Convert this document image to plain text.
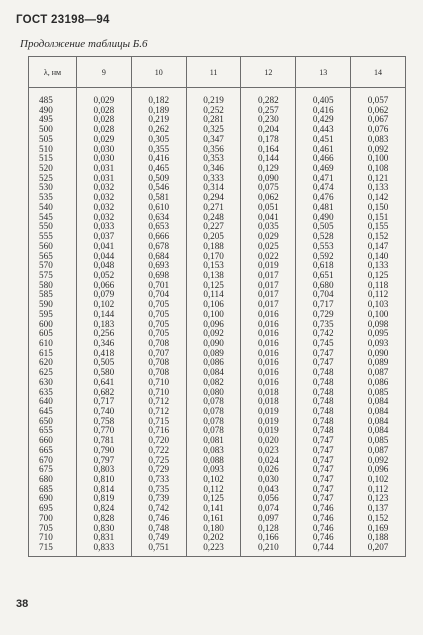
ГОСТ 23198—94
Продолжение таблицы Б.6
λ, нм	9	10	11	12	13	14
485	0,029	0,182	0,219	0,282	0,405	0,057
490	0,028	0,189	0,252	0,257	0,416	0,062
495	0,028	0,219	0,281	0,230	0,429	0,067
500	0,028	0,262	0,325	0,204	0,443	0,076
505	0,029	0,305	0,347	0,178	0,451	0,083
510	0,030	0,355	0,356	0,164	0,461	0,092
515	0,030	0,416	0,353	0,144	0,466	0,100
520	0,031	0,465	0,346	0,129	0,469	0,108
525	0,031	0,509	0,333	0,090	0,471	0,121
530	0,032	0,546	0,314	0,075	0,474	0,133
535	0,032	0,581	0,294	0,062	0,476	0,142
540	0,032	0,610	0,271	0,051	0,481	0,150
545	0,032	0,634	0,248	0,041	0,490	0,151
550	0,033	0,653	0,227	0,035	0,505	0,155
555	0,037	0,666	0,205	0,029	0,528	0,152
560	0,041	0,678	0,188	0,025	0,553	0,147
565	0,044	0,684	0,170	0,022	0,592	0,140
570	0,048	0,693	0,153	0,019	0,618	0,133
575	0,052	0,698	0,138	0,017	0,651	0,125
580	0,066	0,701	0,125	0,017	0,680	0,118
585	0,079	0,704	0,114	0,017	0,704	0,112
590	0,102	0,705	0,106	0,017	0,717	0,103
595	0,144	0,705	0,100	0,016	0,729	0,100
600	0,183	0,705	0,096	0,016	0,735	0,098
605	0,256	0,705	0,092	0,016	0,742	0,095
610	0,346	0,708	0,090	0,016	0,745	0,093
615	0,418	0,707	0,089	0,016	0,747	0,090
620	0,505	0,708	0,086	0,016	0,747	0,089
625	0,580	0,708	0,084	0,016	0,748	0,087
630	0,641	0,710	0,082	0,016	0,748	0,086
635	0,682	0,710	0,080	0,018	0,748	0,085
640	0,717	0,712	0,078	0,018	0,748	0,084
645	0,740	0,712	0,078	0,019	0,748	0,084
650	0,758	0,715	0,078	0,019	0,748	0,084
655	0,770	0,716	0,078	0,019	0,748	0,084
660	0,781	0,720	0,081	0,020	0,747	0,085
665	0,790	0,722	0,083	0,023	0,747	0,087
670	0,797	0,725	0,088	0,024	0,747	0,092
675	0,803	0,729	0,093	0,026	0,747	0,096
680	0,810	0,733	0,102	0,030	0,747	0,102
685	0,814	0,735	0,112	0,043	0,747	0,112
690	0,819	0,739	0,125	0,056	0,747	0,123
695	0,824	0,742	0,141	0,074	0,746	0,137
700	0,828	0,746	0,161	0,097	0,746	0,152
705	0,830	0,748	0,180	0,128	0,746	0,169
710	0,831	0,749	0,202	0,166	0,746	0,188
715	0,833	0,751	0,223	0,210	0,744	0,207
38
